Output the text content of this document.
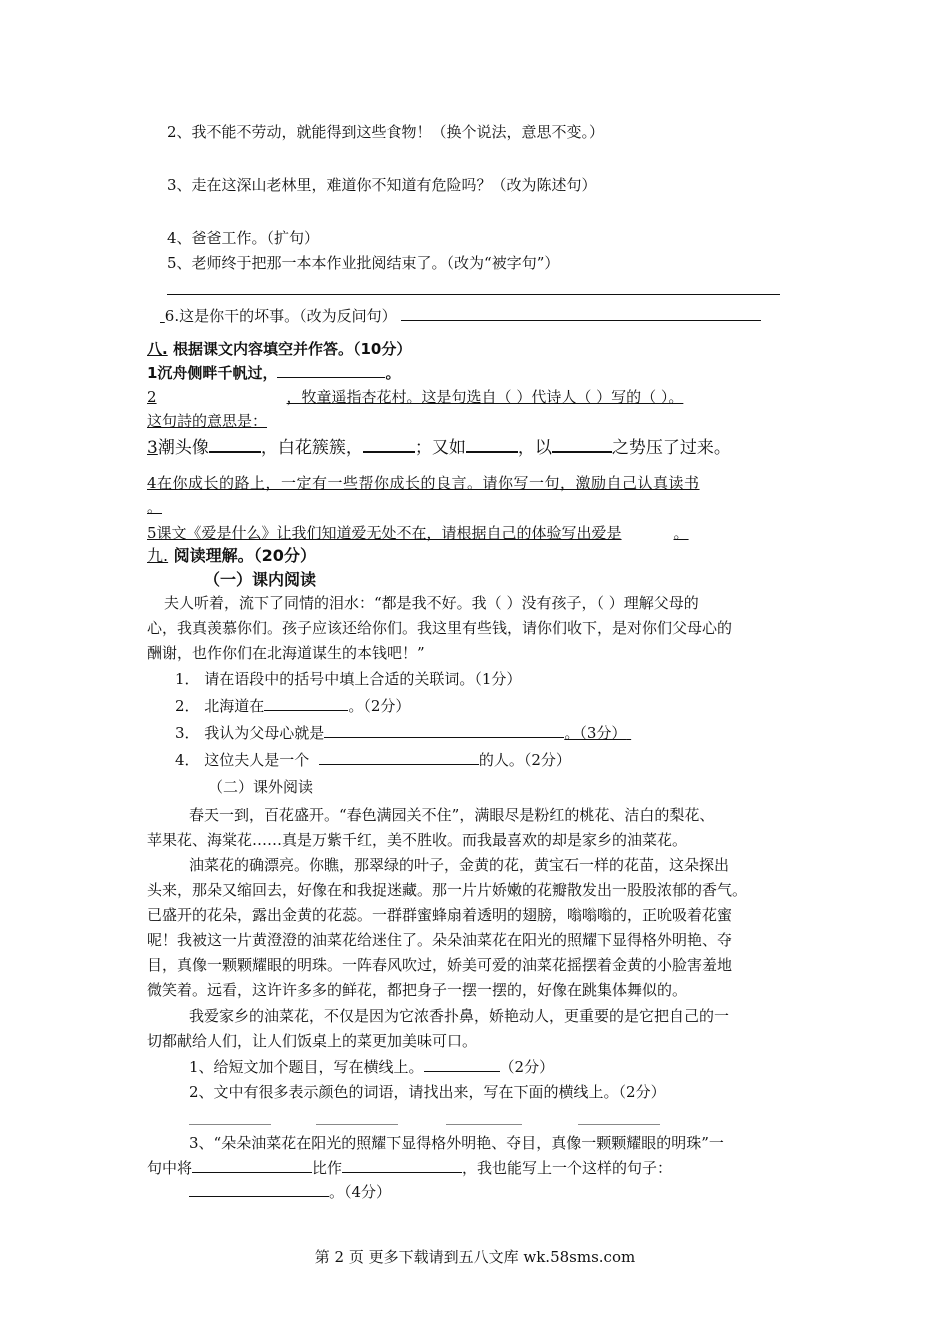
2、我不能不劳动，就能得到这些食物！（换个说法，意思不变。）
3、走在这深山老林里，难道你不知道有危险吗？（改为陈述句）
4、爸爸工作。（扩句）
5、老师终于把那一本本作业批阅结束了。（改为“被字句”）
6.这是你干的坏事。（改为反问句）
八. 根据课文内容填空并作答。（10分）
1沉舟侧畔千帆过，	。
2	，牧童遥指杏花村。这是句选自（ ）代诗人（ ）写的（ ）。
这句詩的意思是：
3潮头像	，白花簇簇，	；又如	，以	之势压了过来。
4在你成长的路上，一定有一些帮你成长的良言。请你写一句，激励自己认真读书
。
5课文《爱是什么》让我们知道爱无处不在，请根据自己的体验写出爱是	。
九. 阅读理解。（20分）
（一）课内阅读
夫人听着，流下了同情的泪水：“都是我不好。我（ ）没有孩子，（ ）理解父母的
心，我真羡慕你们。孩子应该还给你们。我这里有些钱，请你们收下，是对你们父母心的
酬谢，也作你们在北海道谋生的本钱吧！”
1． 请在语段中的括号中填上合适的关联词。（1分）
2． 北海道在	。（2分）
3． 我认为父母心就是	。（3分）
4． 这位夫人是一个	的人。（2分）
（二）课外阅读
春天一到，百花盛开。“春色满园关不住”，满眼尽是粉红的桃花、洁白的梨花、
苹果花、海棠花……真是万紫千红，美不胜收。而我最喜欢的却是家乡的油菜花。
油菜花的确漂亮。你瞧，那翠绿的叶子，金黄的花，黄宝石一样的花苗，这朵探出
头来，那朵又缩回去，好像在和我捉迷藏。那一片片娇嫩的花瓣散发出一股股浓郁的香气。
已盛开的花朵，露出金黄的花蕊。一群群蜜蜂扇着透明的翅膀，嗡嗡嗡的，正吮吸着花蜜
呢！我被这一片黄澄澄的油菜花给迷住了。朵朵油菜花在阳光的照耀下显得格外明艳、夺
目，真像一颗颗耀眼的明珠。一阵春风吹过，娇美可爱的油菜花摇摆着金黄的小脸害羞地
微笑着。远看，这许许多多的鲜花，都把身子一摆一摆的，好像在跳集体舞似的。
我爱家乡的油菜花，不仅是因为它浓香扑鼻，娇艳动人，更重要的是它把自己的一
切都献给人们，让人们饭桌上的菜更加美味可口。
1、给短文加个题目，写在横线上。	（2分）
2、文中有很多表示颜色的词语，请找出来，写在下面的横线上。（2分）
3、“朵朵油菜花在阳光的照耀下显得格外明艳、夺目，真像一颗颗耀眼的明珠”一
句中将	比作	，我也能写上一个这样的句子：
。（4分）
第 2 页 更多下载请到五八文库 wk.58sms.com
